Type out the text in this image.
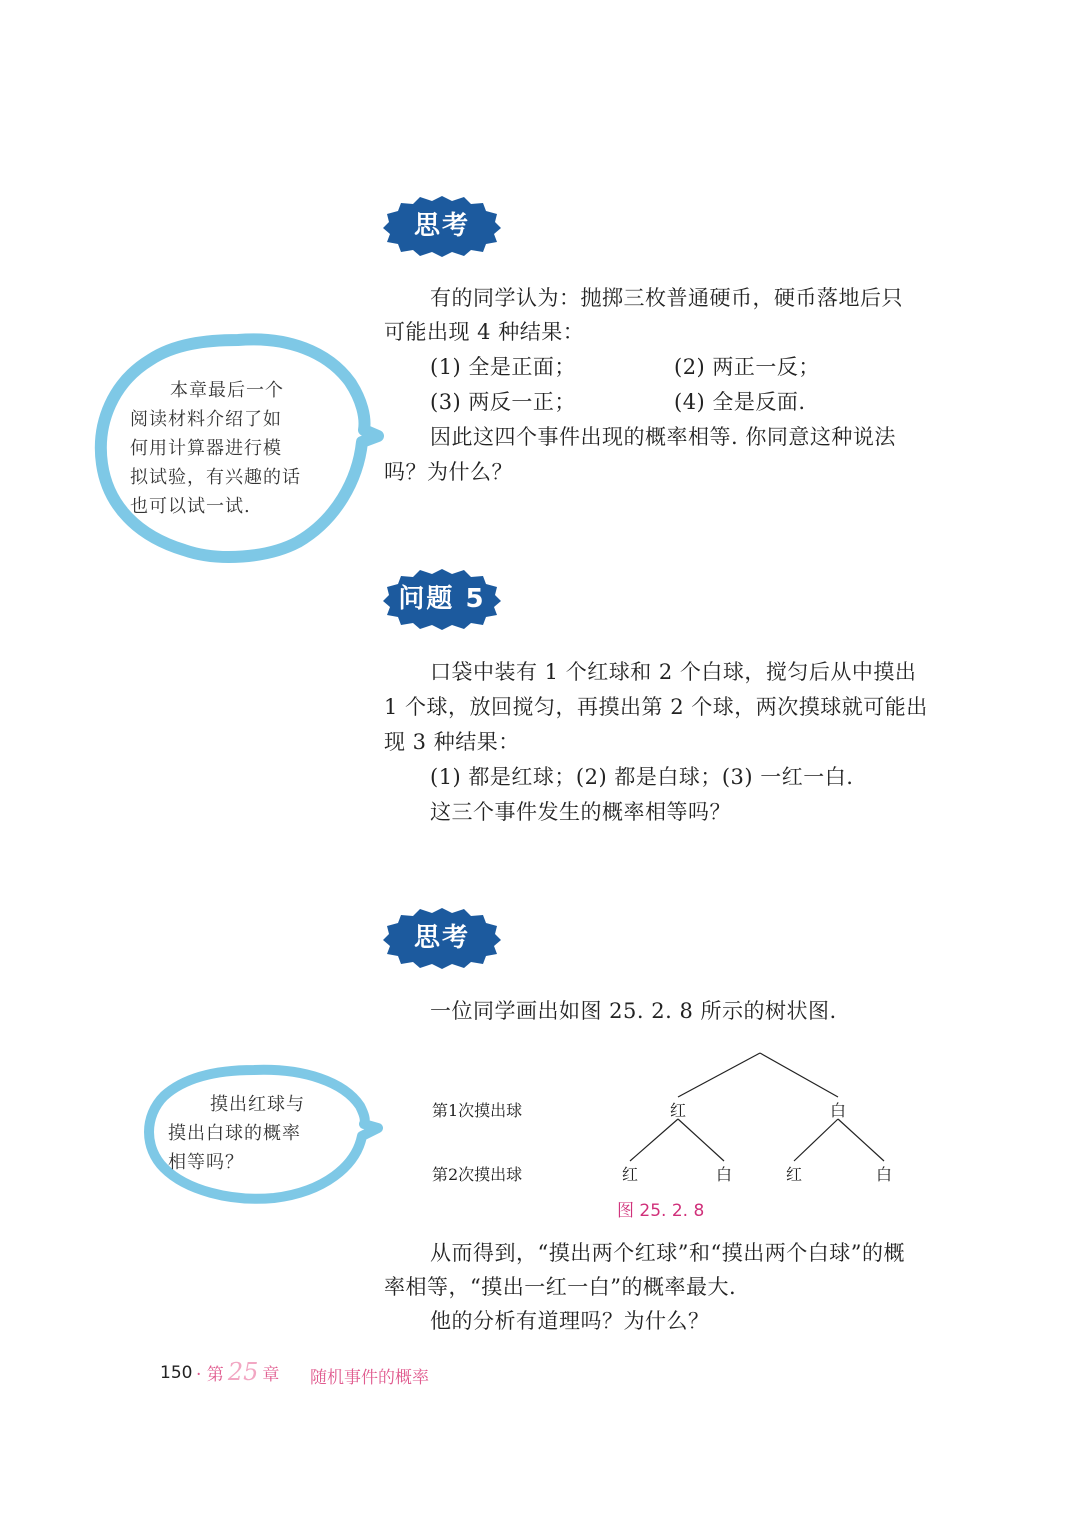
思考
有的同学认为：抛掷三枚普通硬币，硬币落地后只
可能出现 4 种结果：
(1) 全是正面；	(2) 两正一反；
(3) 两反一正；	(4) 全是反面.
因此这四个事件出现的概率相等. 你同意这种说法
吗？为什么？
本章最后一个
阅读材料介绍了如
何用计算器进行模
拟试验，有兴趣的话
也可以试一试.
问题 5
口袋中装有 1 个红球和 2 个白球，搅匀后从中摸出
1 个球，放回搅匀，再摸出第 2 个球，两次摸球就可能出
现 3 种结果：
(1) 都是红球；(2) 都是白球；(3) 一红一白.
这三个事件发生的概率相等吗？
思考
一位同学画出如图 25. 2. 8 所示的树状图.
摸出红球与
摸出白球的概率
相等吗？
第1次摸出球
第2次摸出球
红	白
红	白	红	白
图 25. 2. 8
从而得到，“摸出两个红球”和“摸出两个白球”的概
率相等，“摸出一红一白”的概率最大.
他的分析有道理吗？为什么？
150 · 第 25 章 随机事件的概率
